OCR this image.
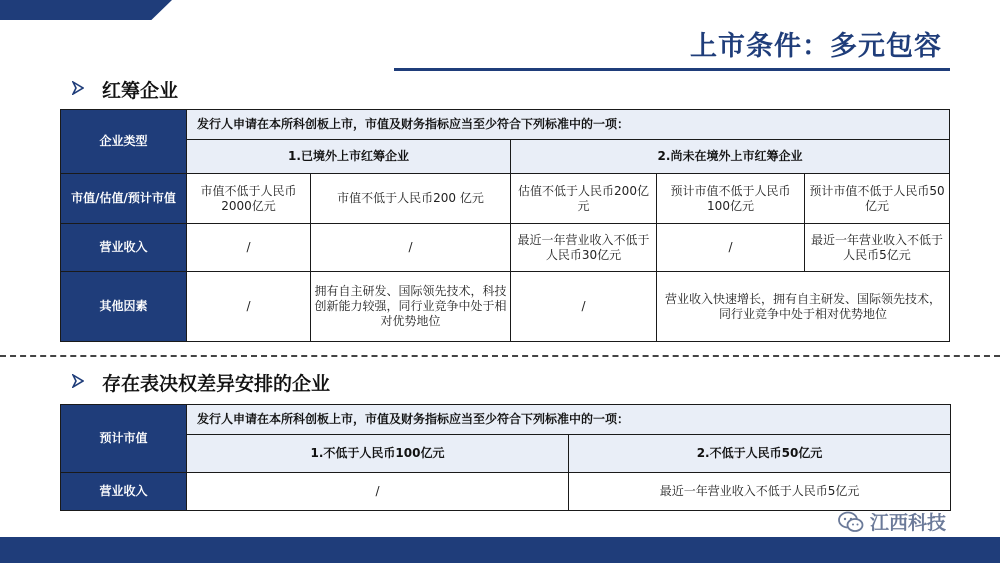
上市条件：多元包容
红筹企业
企业类型	发行人申请在本所科创板上市，市值及财务指标应当至少符合下列标准中的一项：				
	1.已境外上市红筹企业		2.尚未在境外上市红筹企业		
市值/估值/预计市值	市值不低于人民币2000亿元	市值不低于人民币200 亿元	估值不低于人民币200亿元	预计市值不低于人民币100亿元	预计市值不低于人民币50亿元
营业收入	/	/	最近一年营业收入不低于人民币30亿元	/	最近一年营业收入不低于人民币5亿元
其他因素	/	拥有自主研发、国际领先技术，科技创新能力较强，同行业竞争中处于相对优势地位	/	营业收入快速增长，拥有自主研发、国际领先技术，同行业竞争中处于相对优势地位	
存在表决权差异安排的企业
预计市值	发行人申请在本所科创板上市，市值及财务指标应当至少符合下列标准中的一项：	
	1.不低于人民币100亿元	2.不低于人民币50亿元
营业收入	/	最近一年营业收入不低于人民币5亿元
江西科技
